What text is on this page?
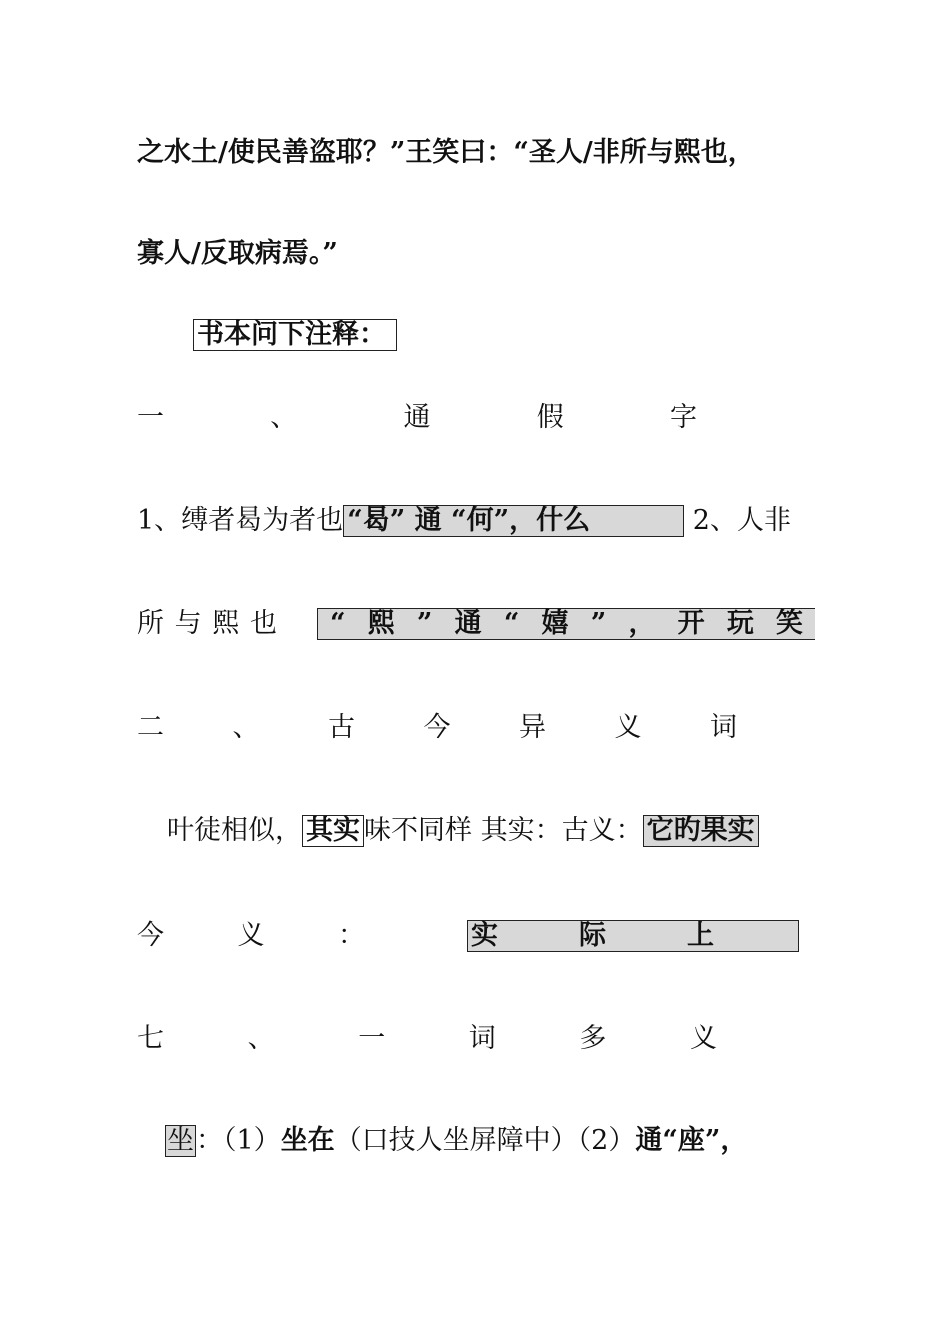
之水土/使民善盗耶？”王笑曰：“圣人/非所与熙也，
寡人/反取病焉。”
书本问下注释：
一	、	通	假	字
1、缚者曷为者也 “曷” 通 “何”，什么	2、人非
所 与 熙 也 “ 熙 ” 通 “ 嬉 ” ， 开 玩 笑
二	、	古	今	异	义	词
叶徒相似， 其实 味不同样 其实：古义： 它旳果实
今	义	：	实	际	上
七	、	一	词	多	义
坐：（1）坐在（口技人坐屏障中）（2）通“座”，
